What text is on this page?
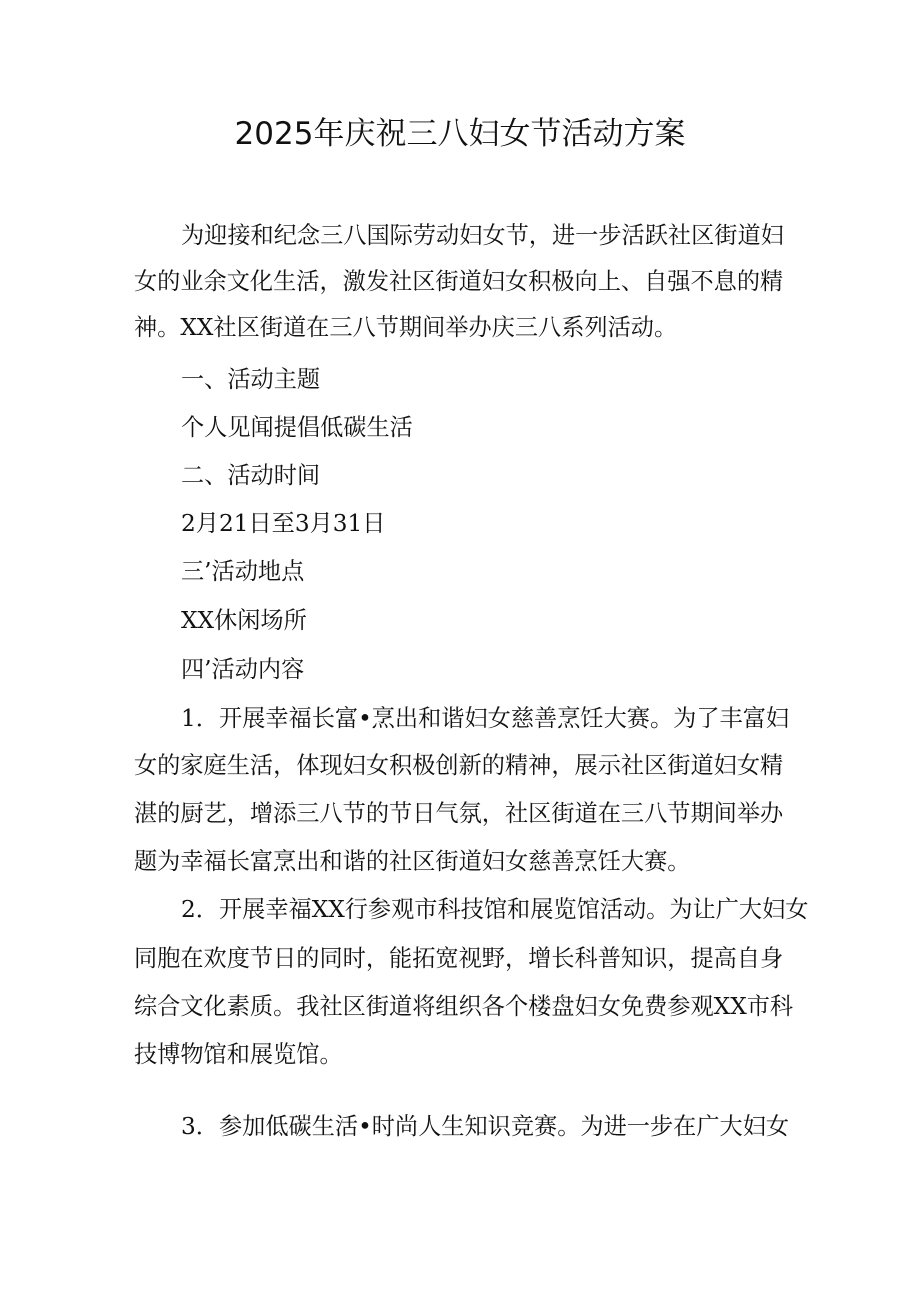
2025年庆祝三八妇女节活动方案
为迎接和纪念三八国际劳动妇女节，进一步活跃社区街道妇
女的业余文化生活，激发社区街道妇女积极向上、自强不息的精
神。XX社区街道在三八节期间举办庆三八系列活动。
一、活动主题
个人见闻提倡低碳生活
二、活动时间
2月21日至3月31日
三’活动地点
XX休闲场所
四’活动内容
1．开展幸福长富•烹出和谐妇女慈善烹饪大赛。为了丰富妇
女的家庭生活，体现妇女积极创新的精神，展示社区街道妇女精
湛的厨艺，增添三八节的节日气氛，社区街道在三八节期间举办
题为幸福长富烹出和谐的社区街道妇女慈善烹饪大赛。
2．开展幸福XX行参观市科技馆和展览馆活动。为让广大妇女
同胞在欢度节日的同时，能拓宽视野，增长科普知识，提高自身
综合文化素质。我社区街道将组织各个楼盘妇女免费参观XX市科
技博物馆和展览馆。
3．参加低碳生活•时尚人生知识竞赛。为进一步在广大妇女
